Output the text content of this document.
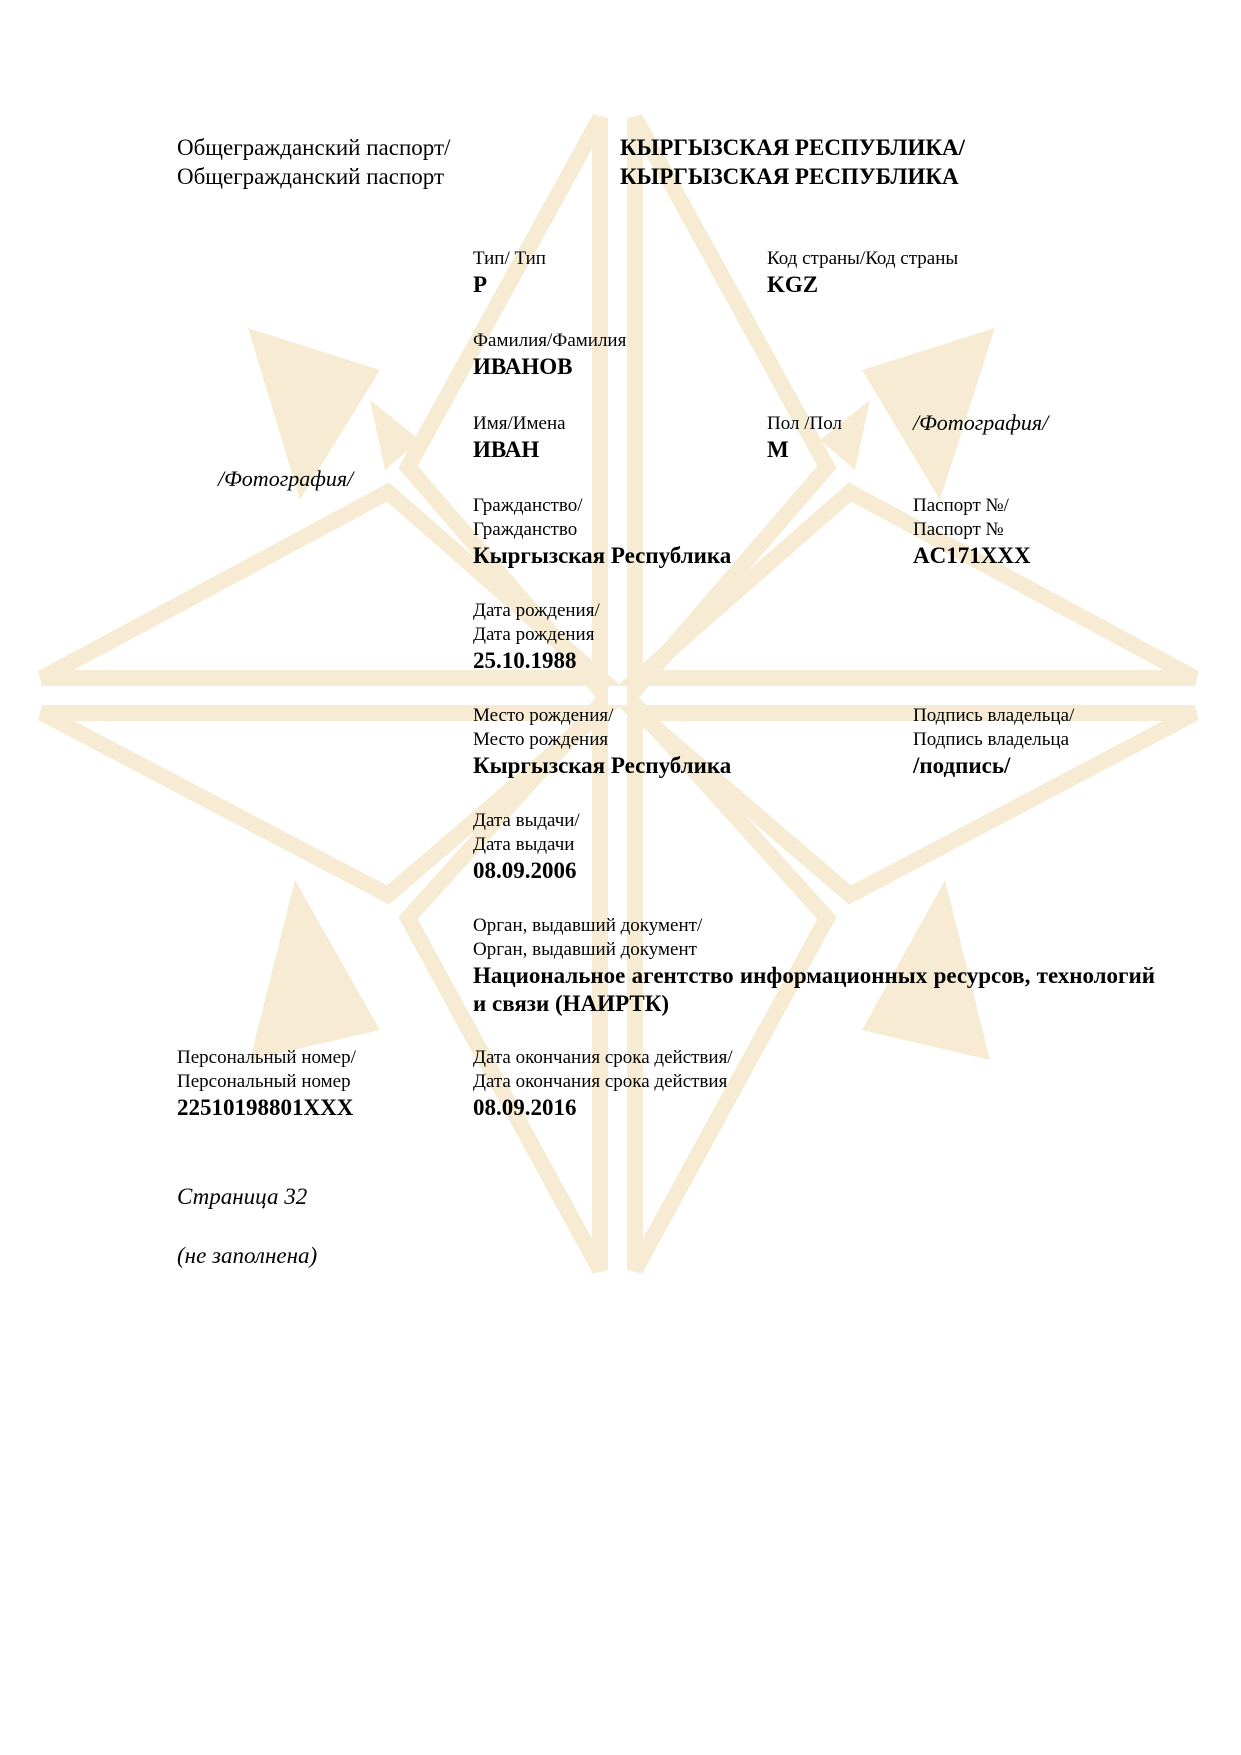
Общегражданский паспорт/
Общегражданский паспорт
КЫРГЫЗСКАЯ РЕСПУБЛИКА/
КЫРГЫЗСКАЯ РЕСПУБЛИКА
Тип/ Тип
P
Код страны/Код страны
KGZ
Фамилия/Фамилия
ИВАНОВ
Имя/Имена
ИВАН
Пол /Пол
M
/Фотография/
/Фотография/
Гражданство/
Гражданство
Кыргызская Республика
Паспорт №/
Паспорт №
AC171XXX
Дата рождения/
Дата рождения
25.10.1988
Место рождения/
Место рождения
Кыргызская Республика
Подпись владельца/
Подпись владельца
/подпись/
Дата выдачи/
Дата выдачи
08.09.2006
Орган, выдавший документ/
Орган, выдавший документ
Национальное агентство информационных ресурсов, технологий и связи (НАИРТК)
Персональный номер/
Персональный номер
22510198801XXX
Дата окончания срока действия/
Дата окончания срока действия
08.09.2016
Страница 32
(не заполнена)
